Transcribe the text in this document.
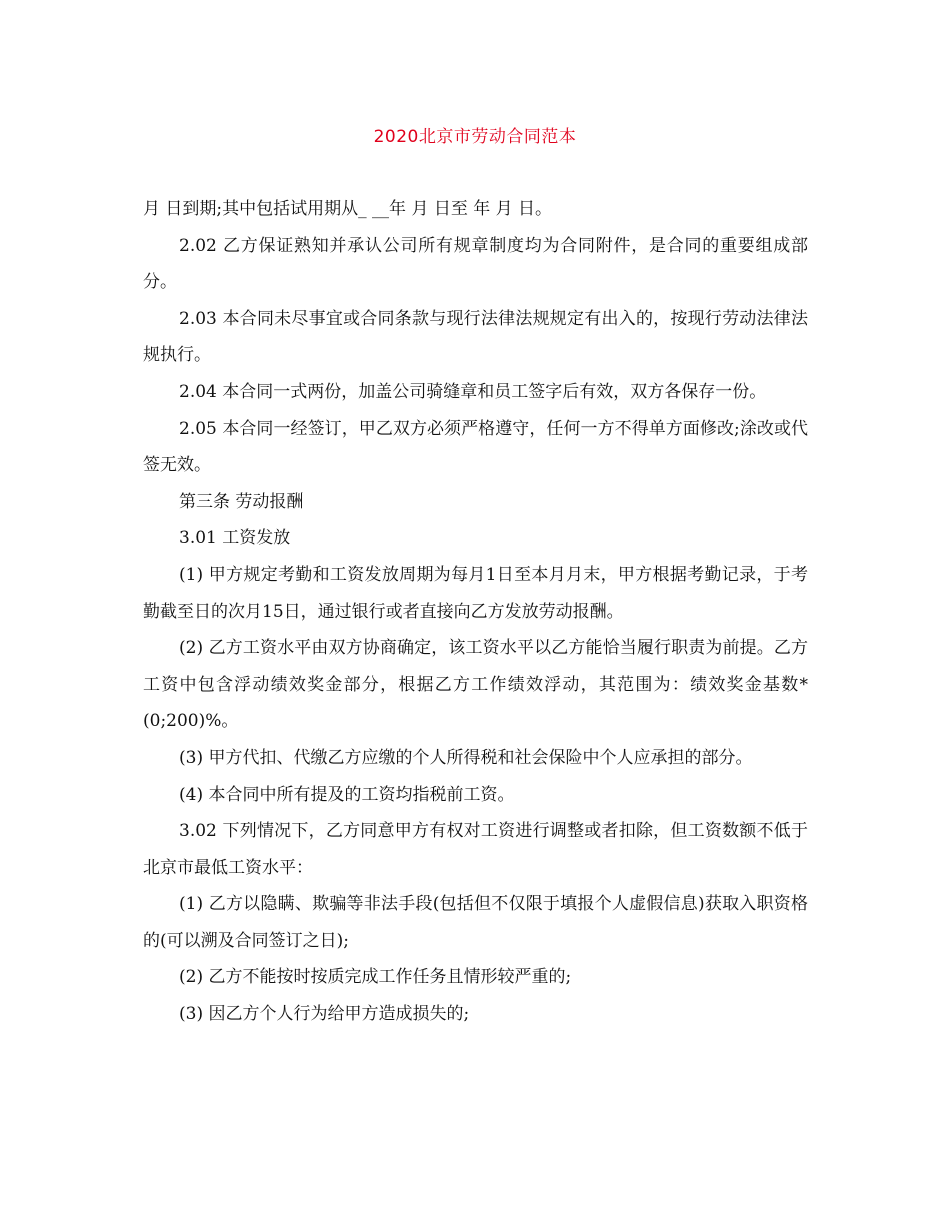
2020北京市劳动合同范本

月 日到期;其中包括试用期从_ __年 月 日至 年 月 日。

2.02 乙方保证熟知并承认公司所有规章制度均为合同附件，是合同的重要组成部分。

2.03 本合同未尽事宜或合同条款与现行法律法规规定有出入的，按现行劳动法律法规执行。

2.04 本合同一式两份，加盖公司骑缝章和员工签字后有效，双方各保存一份。

2.05 本合同一经签订，甲乙双方必须严格遵守，任何一方不得单方面修改;涂改或代签无效。

第三条 劳动报酬

3.01 工资发放

(1) 甲方规定考勤和工资发放周期为每月1日至本月月末，甲方根据考勤记录，于考勤截至日的次月15日，通过银行或者直接向乙方发放劳动报酬。

(2) 乙方工资水平由双方协商确定，该工资水平以乙方能恰当履行职责为前提。乙方工资中包含浮动绩效奖金部分，根据乙方工作绩效浮动，其范围为：绩效奖金基数*(0;200)%。

(3) 甲方代扣、代缴乙方应缴的个人所得税和社会保险中个人应承担的部分。

(4) 本合同中所有提及的工资均指税前工资。

3.02 下列情况下，乙方同意甲方有权对工资进行调整或者扣除，但工资数额不低于北京市最低工资水平：

(1) 乙方以隐瞒、欺骗等非法手段(包括但不仅限于填报个人虚假信息)获取入职资格的(可以溯及合同签订之日);

(2) 乙方不能按时按质完成工作任务且情形较严重的;

(3) 因乙方个人行为给甲方造成损失的;
